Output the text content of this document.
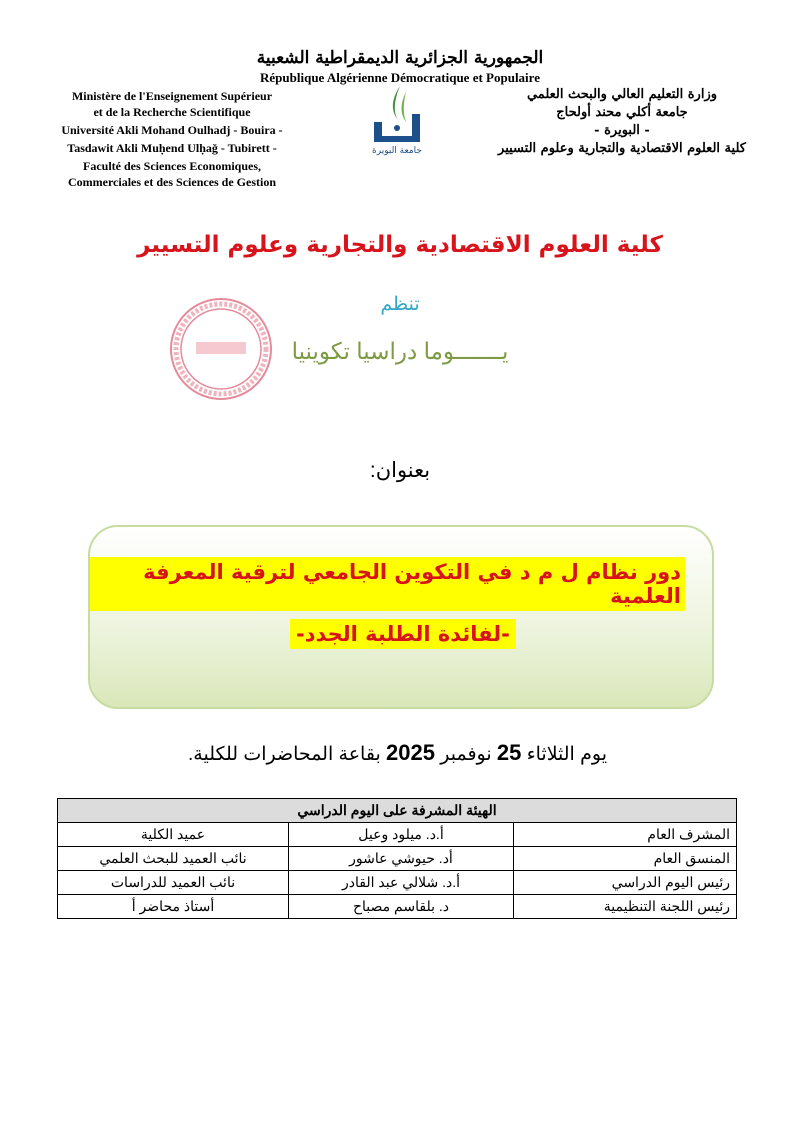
الجمهورية الجزائرية الديمقراطية الشعبية
République Algérienne Démocratique et Populaire
Ministère de l'Enseignement Supérieur
et de la Recherche Scientifique
Université Akli Mohand Oulhadj - Bouira -
Tasdawit Akli Muḥend Ulḥaǧ - Tubirett -
Faculté des Sciences Economiques,
Commerciales et des Sciences de Gestion
جامعة البويرة
وزارة التعليم العالي والبحث العلمي
جامعة أكلي محند أولحاج
- البويرة -
كلية العلوم الاقتصادية والتجارية وعلوم التسيير
كلية العلوم الاقتصادية والتجارية وعلوم التسيير
تنظم
يـــــــوما دراسيا تكوينيا
بعنوان:
دور نظام ل م د في التكوين الجامعي لترقية المعرفة العلمية
-لفائدة الطلبة الجدد-
يوم الثلاثاء 25 نوفمبر 2025 بقاعة المحاضرات للكلية.
الهيئة المشرفة على اليوم الدراسي		
المشرف العام	أ.د. ميلود وعيل	عميد الكلية
المنسق العام	أد. حيوشي عاشور	نائب العميد للبحث العلمي
رئيس اليوم الدراسي	أ.د. شلالي عبد القادر	نائب العميد للدراسات
رئيس اللجنة التنظيمية	د. بلقاسم مصباح	أستاذ محاضر أ
